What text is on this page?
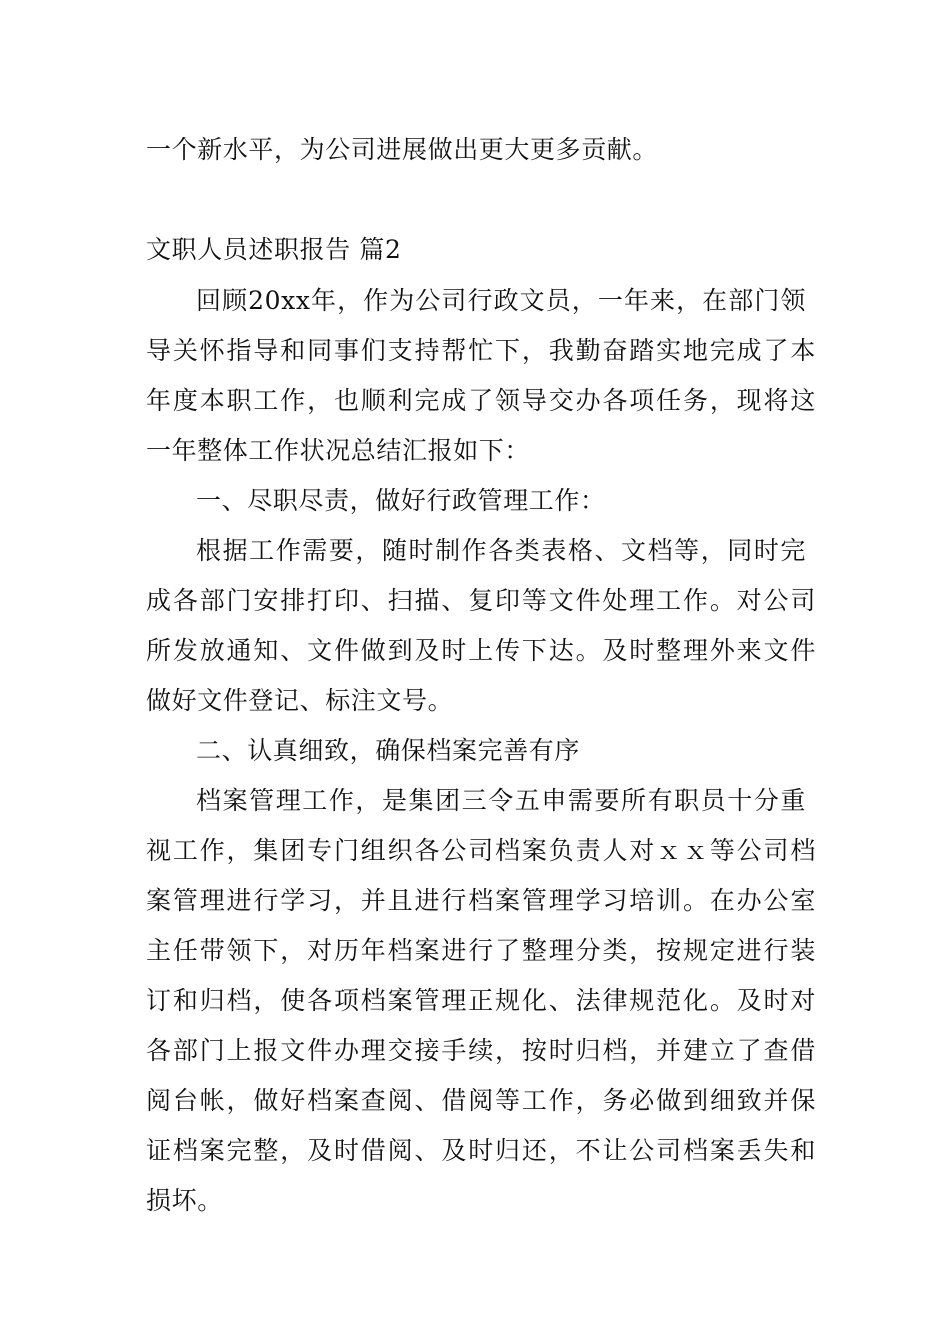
一个新水平，为公司进展做出更大更多贡献。
文职人员述职报告 篇2
回顾20xx年，作为公司行政文员，一年来，在部门领
导关怀指导和同事们支持帮忙下，我勤奋踏实地完成了本
年度本职工作，也顺利完成了领导交办各项任务，现将这
一年整体工作状况总结汇报如下：
一、尽职尽责，做好行政管理工作：
根据工作需要，随时制作各类表格、文档等，同时完
成各部门安排打印、扫描、复印等文件处理工作。对公司
所发放通知、文件做到及时上传下达。及时整理外来文件
做好文件登记、标注文号。
二、认真细致，确保档案完善有序
档案管理工作，是集团三令五申需要所有职员十分重
视工作，集团专门组织各公司档案负责人对ｘｘ等公司档
案管理进行学习，并且进行档案管理学习培训。在办公室
主任带领下，对历年档案进行了整理分类，按规定进行装
订和归档，使各项档案管理正规化、法律规范化。及时对
各部门上报文件办理交接手续，按时归档，并建立了查借
阅台帐，做好档案查阅、借阅等工作，务必做到细致并保
证档案完整，及时借阅、及时归还，不让公司档案丢失和
损坏。
